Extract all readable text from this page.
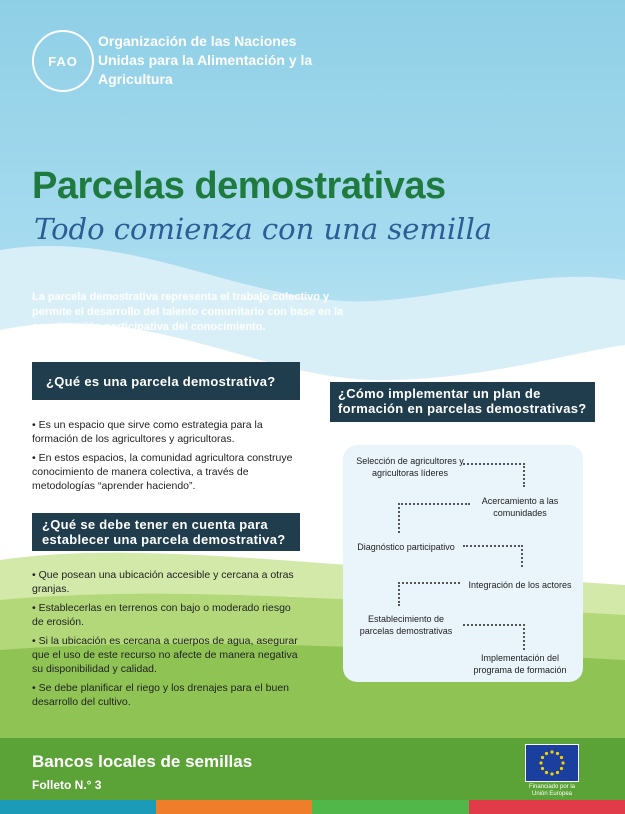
FAO
Organización de las Naciones Unidas para la Alimentación y la Agricultura
Parcelas demostrativas
Todo comienza con una semilla
La parcela demostrativa representa el trabajo colectivo y permite el desarrollo del talento comunitario con base en la construcción participativa del conocimiento.
¿Qué es una parcela demostrativa?

• Es un espacio que sirve como estrategia para la formación de los agricultores y agricultoras.

• En estos espacios, la comunidad agricultora construye conocimiento de manera colectiva, a través de metodologías “aprender haciendo”.

¿Qué se debe tener en cuenta para establecer una parcela demostrativa?

• Que posean una ubicación accesible y cercana a otras granjas.

• Establecerlas en terrenos con bajo o moderado riesgo de erosión.

• Si la ubicación es cercana a cuerpos de agua, asegurar que el uso de este recurso no afecte de manera negativa su disponibilidad y calidad.

• Se debe planificar el riego y los drenajes para el buen desarrollo del cultivo.

¿Cómo implementar un plan de formación en parcelas demostrativas?
Selección de agricultores y agricultoras líderes
Acercamiento a las comunidades
Diagnóstico participativo
Integración de los actores
Establecimiento de parcelas demostrativas
Implementación del programa de formación
Bancos locales de semillas
Folleto N.° 3	Financiado por la Unión Europea
